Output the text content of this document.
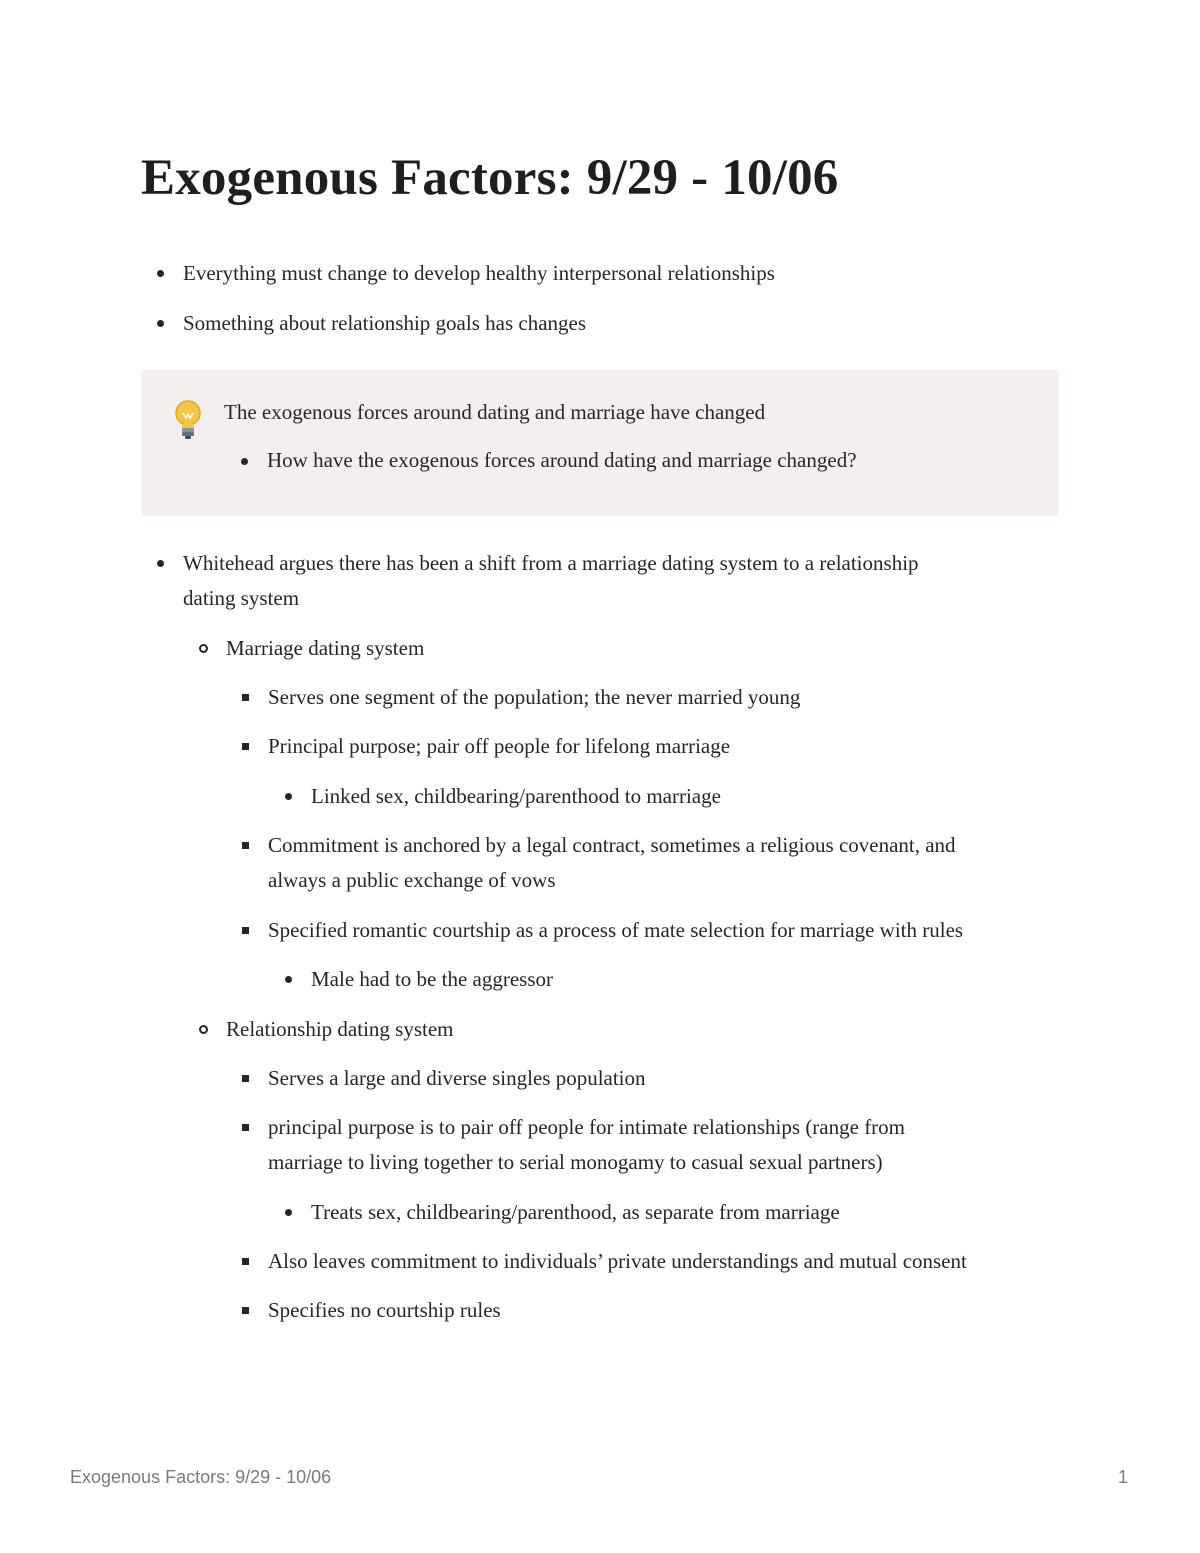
Exogenous Factors: 9/29 - 10/06
Everything must change to develop healthy interpersonal relationships
Something about relationship goals has changes
The exogenous forces around dating and marriage have changed
How have the exogenous forces around dating and marriage changed?
Whitehead argues there has been a shift from a marriage dating system to a relationship
dating system
Marriage dating system
Serves one segment of the population; the never married young
Principal purpose; pair off people for lifelong marriage
Linked sex, childbearing/parenthood to marriage
Commitment is anchored by a legal contract, sometimes a religious covenant, and
always a public exchange of vows
Specified romantic courtship as a process of mate selection for marriage with rules
Male had to be the aggressor
Relationship dating system
Serves a large and diverse singles population
principal purpose is to pair off people for intimate relationships (range from
marriage to living together to serial monogamy to casual sexual partners)
Treats sex, childbearing/parenthood, as separate from marriage
Also leaves commitment to individuals’ private understandings and mutual consent
Specifies no courtship rules
Exogenous Factors: 9/29 - 10/06	1
